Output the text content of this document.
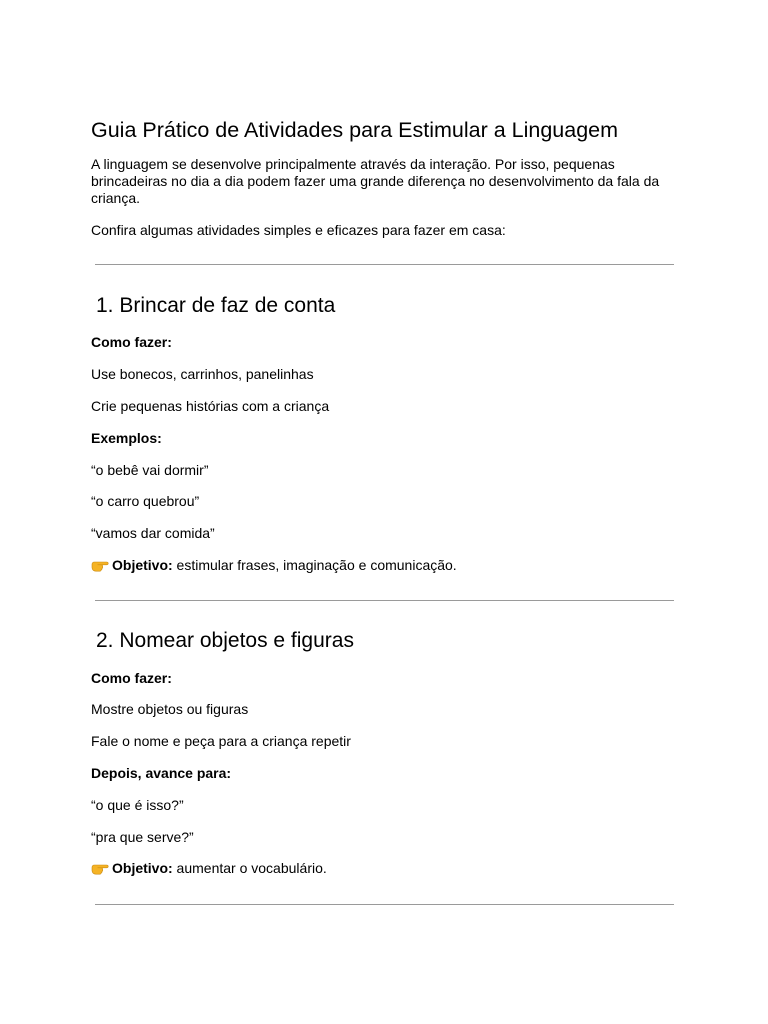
Guia Prático de Atividades para Estimular a Linguagem
A linguagem se desenvolve principalmente através da interação. Por isso, pequenas brincadeiras no dia a dia podem fazer uma grande diferença no desenvolvimento da fala da criança.
Confira algumas atividades simples e eficazes para fazer em casa:
1. Brincar de faz de conta
Como fazer:
Use bonecos, carrinhos, panelinhas
Crie pequenas histórias com a criança
Exemplos:
“o bebê vai dormir”
“o carro quebrou”
“vamos dar comida”
Objetivo: estimular frases, imaginação e comunicação.
2. Nomear objetos e figuras
Como fazer:
Mostre objetos ou figuras
Fale o nome e peça para a criança repetir
Depois, avance para:
“o que é isso?”
“pra que serve?”
Objetivo: aumentar o vocabulário.
